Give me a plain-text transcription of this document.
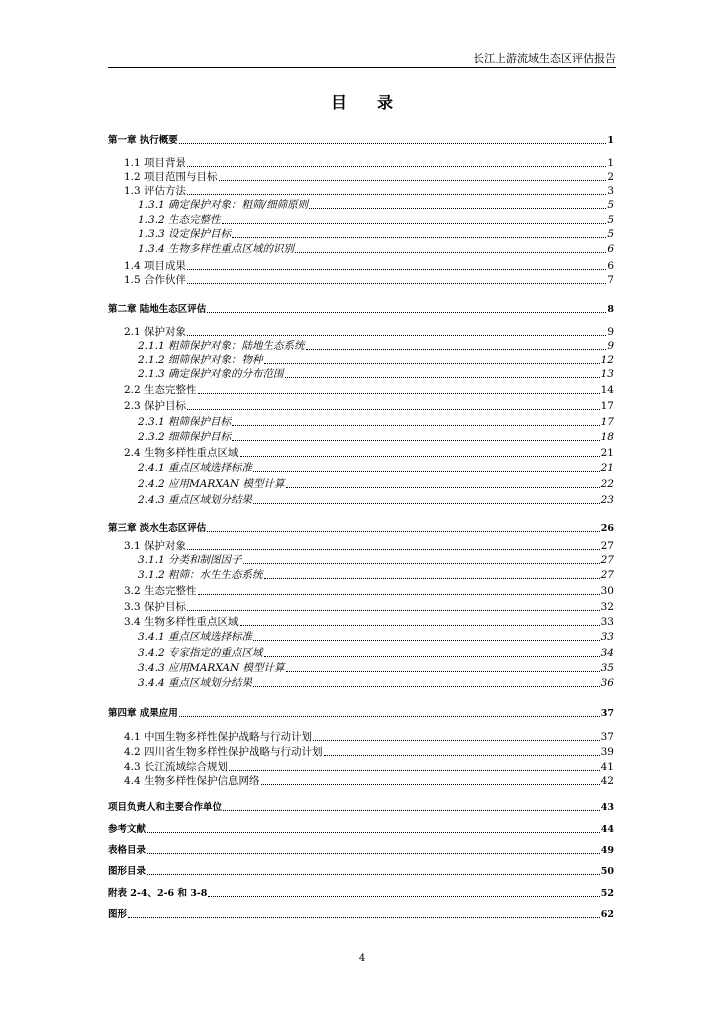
长江上游流域生态区评估报告
目录
第一章 执行概要	1
1.1 项目背景	1
1.2 项目范围与目标	2
1.3 评估方法	3
1.3.1 确定保护对象：粗筛/细筛原则	5
1.3.2 生态完整性	5
1.3.3 设定保护目标	5
1.3.4 生物多样性重点区域的识别	6
1.4 项目成果	6
1.5 合作伙伴	7
第二章 陆地生态区评估	8
2.1 保护对象	9
2.1.1 粗筛保护对象：陆地生态系统	9
2.1.2 细筛保护对象：物种	12
2.1.3 确定保护对象的分布范围	13
2.2 生态完整性	14
2.3 保护目标	17
2.3.1 粗筛保护目标	17
2.3.2 细筛保护目标	18
2.4 生物多样性重点区域	21
2.4.1 重点区域选择标准	21
2.4.2 应用MARXAN 模型计算	22
2.4.3 重点区域划分结果	23
第三章 淡水生态区评估	26
3.1 保护对象	27
3.1.1 分类和制图因子	27
3.1.2 粗筛：水生生态系统	27
3.2 生态完整性	30
3.3 保护目标	32
3.4 生物多样性重点区域	33
3.4.1 重点区域选择标准	33
3.4.2 专家指定的重点区域	34
3.4.3 应用MARXAN 模型计算	35
3.4.4 重点区域划分结果	36
第四章 成果应用	37
4.1 中国生物多样性保护战略与行动计划	37
4.2 四川省生物多样性保护战略与行动计划	39
4.3 长江流域综合规划	41
4.4 生物多样性保护信息网络	42
项目负责人和主要合作单位	43
参考文献	44
表格目录	49
图形目录	50
附表 2-4、2-6 和 3-8	52
图形	62
4
